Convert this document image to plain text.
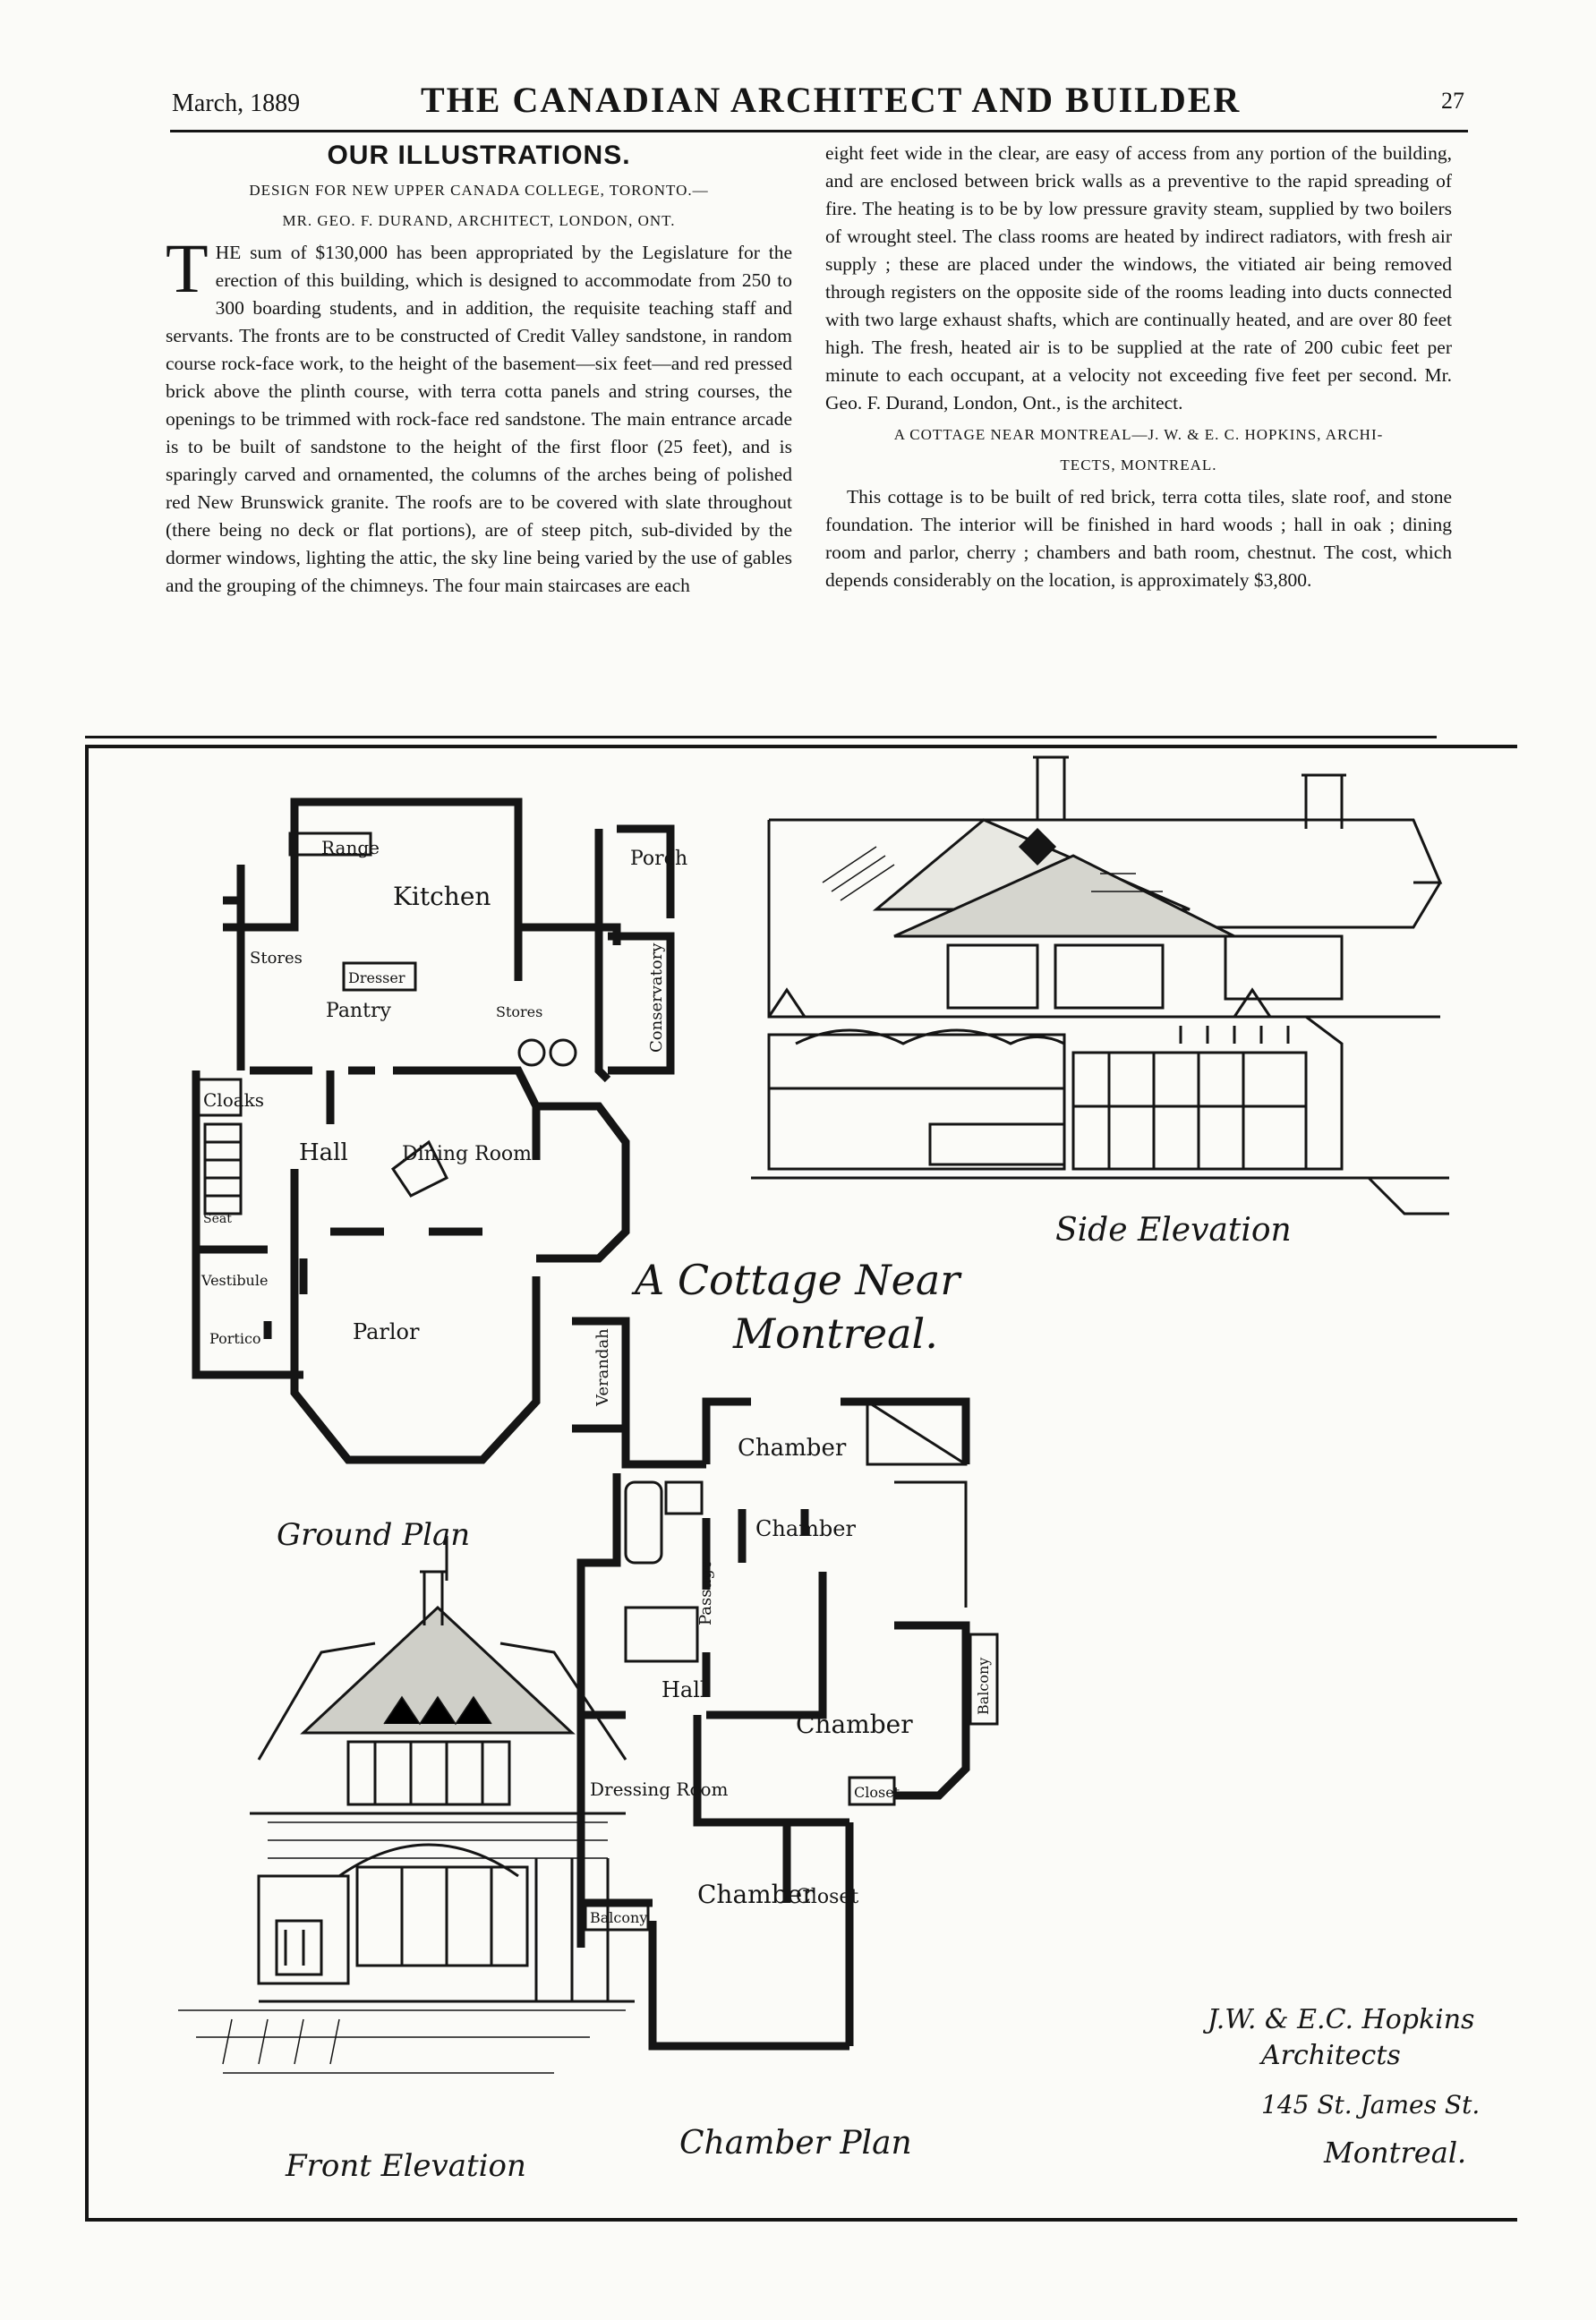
March, 1889	THE CANADIAN ARCHITECT AND BUILDER	27
OUR ILLUSTRATIONS.
DESIGN FOR NEW UPPER CANADA COLLEGE, TORONTO.—
MR. GEO. F. DURAND, ARCHITECT, LONDON, ONT.

THE sum of $130,000 has been appropriated by the Legislature for the erection of this building, which is designed to accommodate from 250 to 300 boarding students, and in addition, the requisite teaching staff and servants. The fronts are to be constructed of Credit Valley sandstone, in random course rock-face work, to the height of the basement—six feet—and red pressed brick above the plinth course, with terra cotta panels and string courses, the openings to be trimmed with rock-face red sandstone. The main entrance arcade is to be built of sandstone to the height of the first floor (25 feet), and is sparingly carved and ornamented, the columns of the arches being of polished red New Brunswick granite. The roofs are to be covered with slate throughout (there being no deck or flat portions), are of steep pitch, sub-divided by the dormer windows, lighting the attic, the sky line being varied by the use of gables and the grouping of the chimneys. The four main staircases are each

eight feet wide in the clear, are easy of access from any portion of the building, and are enclosed between brick walls as a preventive to the rapid spreading of fire. The heating is to be by low pressure gravity steam, supplied by two boilers of wrought steel. The class rooms are heated by indirect radiators, with fresh air supply ; these are placed under the windows, the vitiated air being removed through registers on the opposite side of the rooms leading into ducts connected with two large exhaust shafts, which are continually heated, and are over 80 feet high. The fresh, heated air is to be supplied at the rate of 200 cubic feet per minute to each occupant, at a velocity not exceeding five feet per second. Mr. Geo. F. Durand, London, Ont., is the architect.

A COTTAGE NEAR MONTREAL—J. W. & E. C. HOPKINS, ARCHI-
TECTS, MONTREAL.

This cottage is to be built of red brick, terra cotta tiles, slate roof, and stone foundation. The interior will be finished in hard woods ; hall in oak ; dining room and parlor, cherry ; chambers and bath room, chestnut. The cost, which depends considerably on the location, is approximately $3,800.

Range	Porch
Kitchen
Stores	Conservatory
Dresser
Pantry	Stores
Cloaks
Hall	Dining Room
Seat
Vestibule
Portico	Parlor	Verandah
Ground Plan
Side Elevation
A Cottage Near
Montreal.
Front Elevation
Chamber
Chamber
Passage
Hall
Chamber
Balcony
Dressing Room	Closet
Balcony
Chamber
Closet
Chamber Plan
J.W. & E.C. Hopkins
Architects
145 St. James St.
Montreal.
